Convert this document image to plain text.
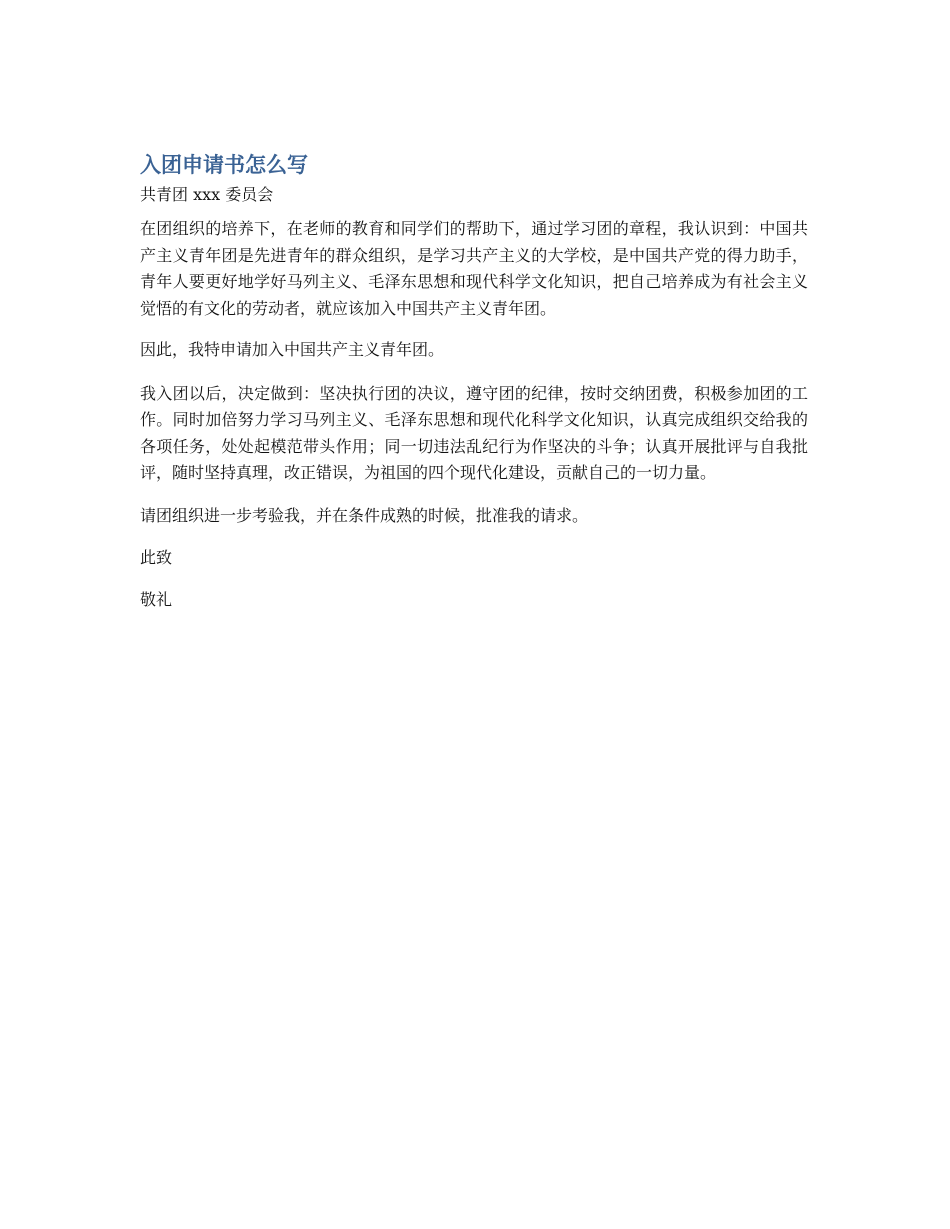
入团申请书怎么写

共青团 xxx 委员会

在团组织的培养下，在老师的教育和同学们的帮助下，通过学习团的章程，我认识到：中国共产主义青年团是先进青年的群众组织，是学习共产主义的大学校，是中国共产党的得力助手，青年人要更好地学好马列主义、毛泽东思想和现代科学文化知识，把自己培养成为有社会主义觉悟的有文化的劳动者，就应该加入中国共产主义青年团。

因此，我特申请加入中国共产主义青年团。

我入团以后，决定做到：坚决执行团的决议，遵守团的纪律，按时交纳团费，积极参加团的工作。同时加倍努力学习马列主义、毛泽东思想和现代化科学文化知识，认真完成组织交给我的各项任务，处处起模范带头作用；同一切违法乱纪行为作坚决的斗争；认真开展批评与自我批评，随时坚持真理，改正错误，为祖国的四个现代化建设，贡献自己的一切力量。

请团组织进一步考验我，并在条件成熟的时候，批准我的请求。

此致

敬礼
